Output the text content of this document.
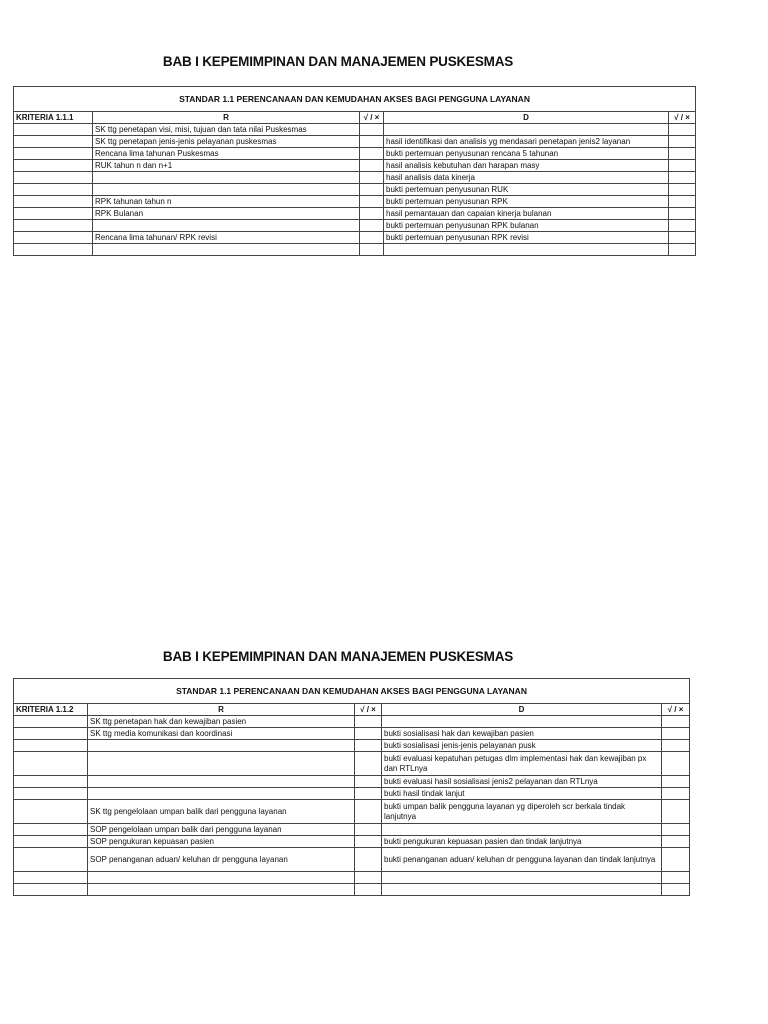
BAB I KEPEMIMPINAN DAN MANAJEMEN PUSKESMAS
STANDAR 1.1 PERENCANAAN DAN KEMUDAHAN AKSES BAGI PENGGUNA LAYANAN				
KRITERIA 1.1.1	R	√ / ×	D	√ / ×
	SK ttg penetapan visi, misi, tujuan dan tata nilai Puskesmas			
	SK ttg penetapan jenis-jenis pelayanan puskesmas		hasil identifikasi dan analisis yg mendasari penetapan jenis2 layanan	
	Rencana lima tahunan Puskesmas		bukti pertemuan penyusunan rencana 5 tahunan	
	RUK tahun n dan n+1		hasil analisis kebutuhan dan harapan masy	
			hasil analisis data kinerja	
			bukti pertemuan penyusunan RUK	
	RPK tahunan tahun n		bukti pertemuan penyusunan RPK	
	RPK Bulanan		hasil pemantauan dan capaian kinerja bulanan	
			bukti pertemuan penyusunan RPK bulanan	
	Rencana lima tahunan/ RPK revisi		bukti pertemuan penyusunan RPK revisi	

BAB I KEPEMIMPINAN DAN MANAJEMEN PUSKESMAS
STANDAR 1.1 PERENCANAAN DAN KEMUDAHAN AKSES BAGI PENGGUNA LAYANAN				
KRITERIA 1.1.2	R	√ / ×	D	√ / ×
	SK ttg penetapan hak dan kewajiban pasien			
	SK ttg media komunikasi dan koordinasi		bukti sosialisasi hak dan kewajiban pasien	
			bukti sosialisasi jenis-jenis pelayanan pusk	
			bukti evaluasi kepatuhan petugas dlm implementasi hak dan kewajiban px dan RTLnya	
			bukti evaluasi hasil sosialisasi jenis2 pelayanan dan RTLnya	
			bukti hasil tindak lanjut	
	SK ttg pengelolaan umpan balik dari pengguna layanan		bukti umpan balik pengguna layanan yg diperoleh scr berkala tindak lanjutnya	
	SOP pengelolaan umpan balik dari pengguna layanan			
	SOP pengukuran kepuasan pasien		bukti pengukuran kepuasan pasien dan tindak lanjutnya	
	SOP penanganan aduan/ keluhan dr pengguna layanan		bukti penanganan aduan/ keluhan dr pengguna layanan dan tindak lanjutnya	
